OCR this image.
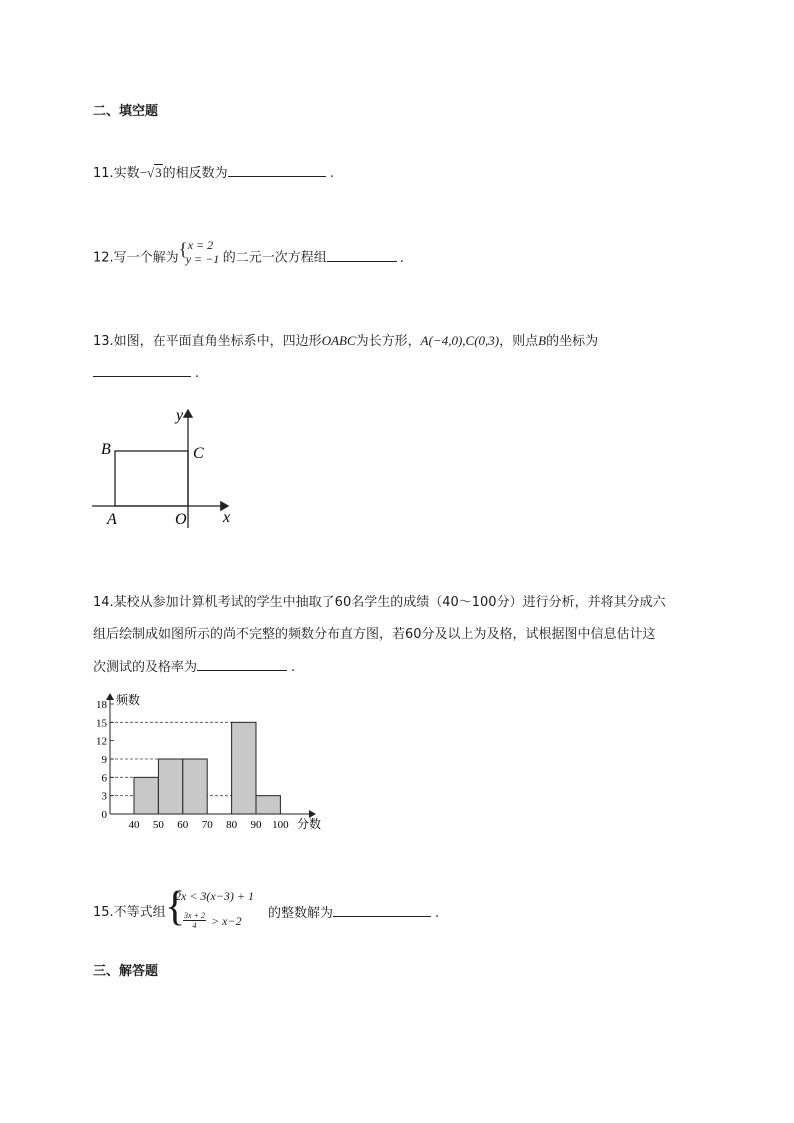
二、填空题
11.实数−√3的相反数为	.
12.写一个解为 { x = 2
y = −1 的二元一次方程组	.
13.如图，在平面直角坐标系中，四边形OABC为长方形，A(−4,0),C(0,3)，则点B的坐标为
.
y
x
B	C
A	O
14.某校从参加计算机考试的学生中抽取了60名学生的成绩（40～100分）进行分析，并将其分成六
组后绘制成如图所示的尚不完整的频数分布直方图，若60分及以上为及格，试根据图中信息估计这
次测试的及格率为	.
0
3
6
9
12
15
18
40 50 60 70 80 90 100
频数
分数
15.不等式组 {
2x < 3(x−3) + 1
$\frac{3x + 2}{4} > x-2$ 的整数解为	.
三、解答题
